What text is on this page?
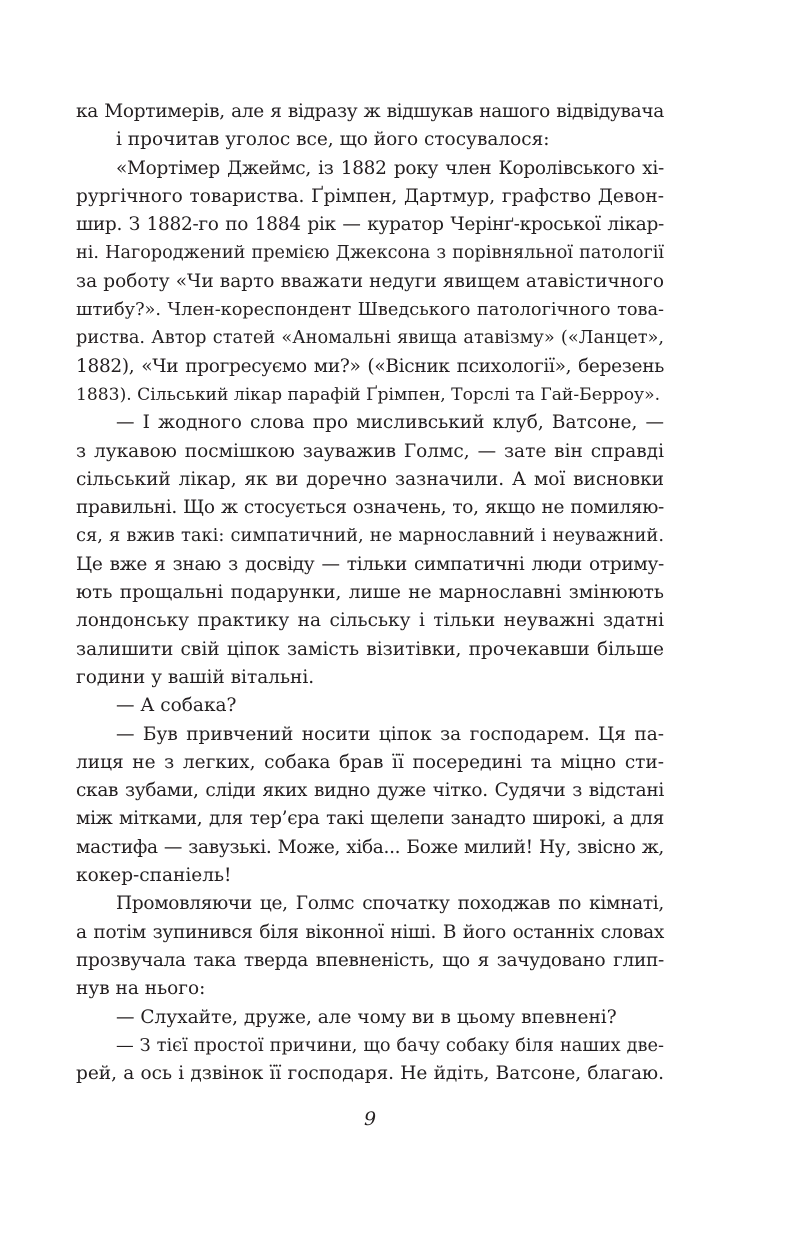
ка Мортимерів, але я відразу ж відшукав нашого відвідувача
і прочитав уголос все, що його стосувалося:
«Мортімер Джеймс, із 1882 року член Королівського хі-
рургічного товариства. Ґрімпен, Дартмур, графство Девон-
шир. З 1882-го по 1884 рік — куратор Черінґ-кроської лікар-
ні. Нагороджений премією Джексона з порівняльної патології
за роботу «Чи варто вважати недуги явищем атавістичного
штибу?». Член-кореспондент Шведського патологічного това-
риства. Автор статей «Аномальні явища атавізму» («Ланцет»,
1882), «Чи прогресуємо ми?» («Вісник психології», березень
1883). Сільський лікар парафій Ґрімпен, Торслі та Гай-Берроу».
— І жодного слова про мисливський клуб, Ватсоне, —
з лукавою посмішкою зауважив Голмс, — зате він справді
сільський лікар, як ви доречно зазначили. А мої висновки
правильні. Що ж стосується означень, то, якщо не помиляю-
ся, я вжив такі: симпатичний, не марнославний і неуважний.
Це вже я знаю з досвіду — тільки симпатичні люди отриму-
ють прощальні подарунки, лише не марнославні змінюють
лондонську практику на сільську і тільки неуважні здатні
залишити свій ціпок замість візитівки, прочекавши більше
години у вашій вітальні.
— А собака?
— Був привчений носити ціпок за господарем. Ця па-
лиця не з легких, собака брав її посередині та міцно сти-
скав зубами, сліди яких видно дуже чітко. Судячи з відстані
між мітками, для тер’єра такі щелепи занадто широкі, а для
мастифа — завузькі. Може, хіба... Боже милий! Ну, звісно ж,
кокер-спаніель!
Промовляючи це, Голмс спочатку походжав по кімнаті,
а потім зупинився біля віконної ніші. В його останніх словах
прозвучала така тверда впевненість, що я зачудовано глип-
нув на нього:
— Слухайте, друже, але чому ви в цьому впевнені?
— З тієї простої причини, що бачу собаку біля наших две-
рей, а ось і дзвінок її господаря. Не йдіть, Ватсоне, благаю.
9
